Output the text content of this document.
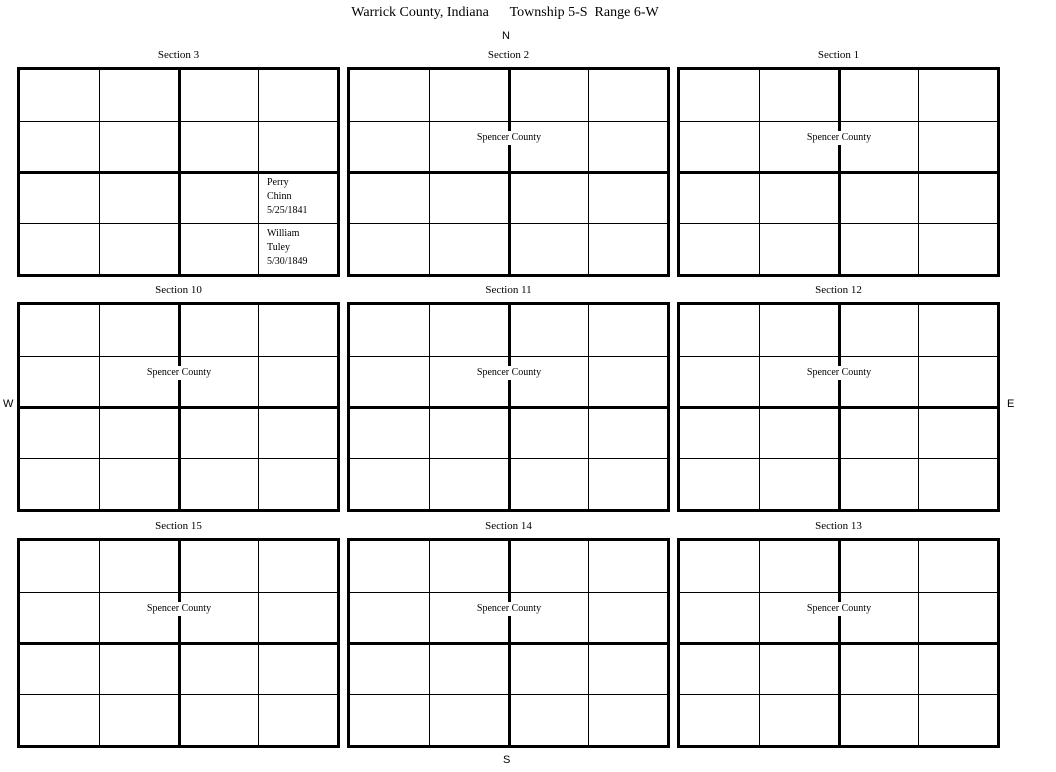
Warrick County, Indiana      Township 5-S  Range 6-W
N
S
W	E
Section 3
Perry
Chinn
5/25/1841
William
Tuley
5/30/1849
Section 2
Spencer County
Section 1
Spencer County
Section 10
Spencer County
Section 11
Spencer County
Section 12
Spencer County
Section 15
Spencer County
Section 14
Spencer County
Section 13
Spencer County
